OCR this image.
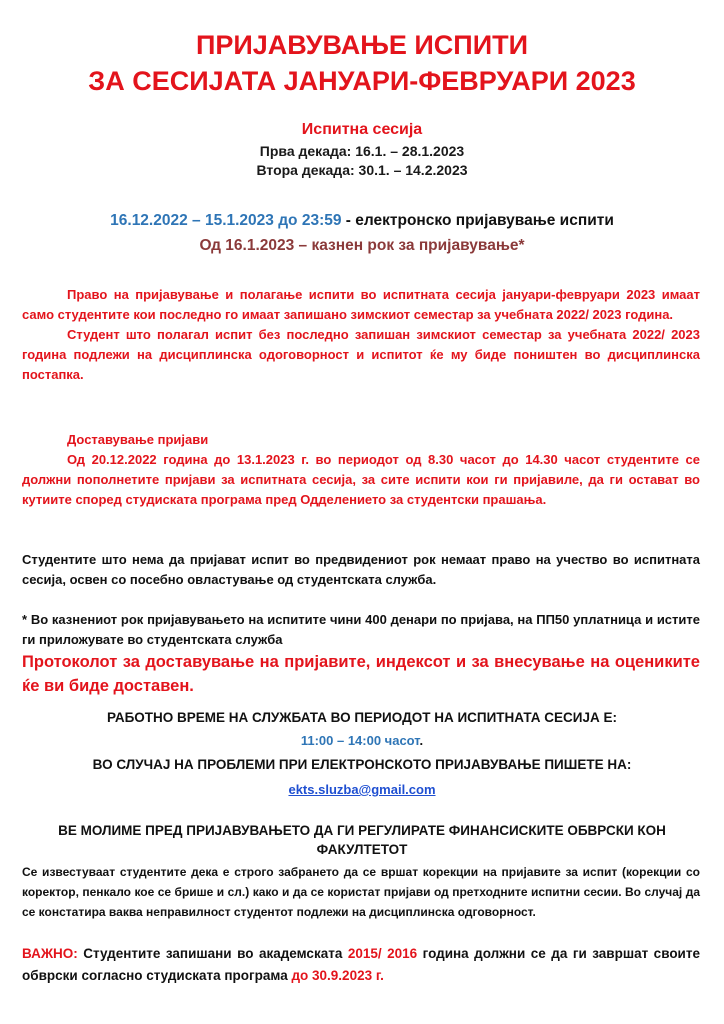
ПРИЈАВУВАЊЕ ИСПИТИ
ЗА СЕСИЈАТА ЈАНУАРИ-ФЕВРУАРИ 2023
Испитна сесија
Прва декада: 16.1. – 28.1.2023
Втора декада: 30.1. – 14.2.2023
16.12.2022 – 15.1.2023 до 23:59 - електронско пријавување испити
Од 16.1.2023 – казнен рок за пријавување*

Право на пријавување и полагање испити во испитната сесија јануари-февруари 2023 имаат само студентите кои последно го имаат запишано зимскиот семестар за учебната 2022/ 2023 година.

Студент што полагал испит без последно запишан зимскиот семестар за учебната 2022/ 2023 година подлежи на дисциплинска одоговорност и испитот ќе му биде поништен во дисциплинска постапка.

Доставување пријави

Од 20.12.2022 година до 13.1.2023 г. во периодот од 8.30 часот до 14.30 часот студентите се должни пополнетите пријави за испитната сесија, за сите испити кои ги пријавиле, да ги остават во кутиите според студиската програма пред Одделението за студентски прашања.

Студентите што нема да пријават испит во предвидениот рок немаат право на учество во испитната сесија, освен со посебно овластување од студентската служба.

* Во казнениот рок пријавувањето на испитите чини 400 денари по пријава, на ПП50 уплатница и истите ги приложувате во студентската служба

Протоколот за доставување на пријавите, индексот и за внесување на оцениките ќе ви биде доставен.

РАБОТНО ВРЕМЕ НА СЛУЖБАТА ВО ПЕРИОДОТ НА ИСПИТНАТА СЕСИЈА Е:
11:00 – 14:00 часот.
ВО СЛУЧАЈ НА ПРОБЛЕМИ ПРИ ЕЛЕКТРОНСКОТО ПРИЈАВУВАЊЕ ПИШЕТЕ НА:
ekts.sluzba@gmail.com
ВЕ МОЛИМЕ ПРЕД ПРИЈАВУВАЊЕТО ДА ГИ РЕГУЛИРАТЕ ФИНАНСИСКИТЕ ОБВРСКИ КОН
ФАКУЛТЕТОТ

Се известуваат студентите дека е строго забрането да се вршат корекции на пријавите за испит (корекции со коректор, пенкало кое се брише и сл.) како и да се користат пријави од претходните испитни сесии. Во случај да се констатира ваква неправилност студентот подлежи на дисциплинска одговорност.

ВАЖНО: Студентите запишани во академската 2015/ 2016 година должни се да ги завршат своите обврски согласно студиската програма до 30.9.2023 г.
